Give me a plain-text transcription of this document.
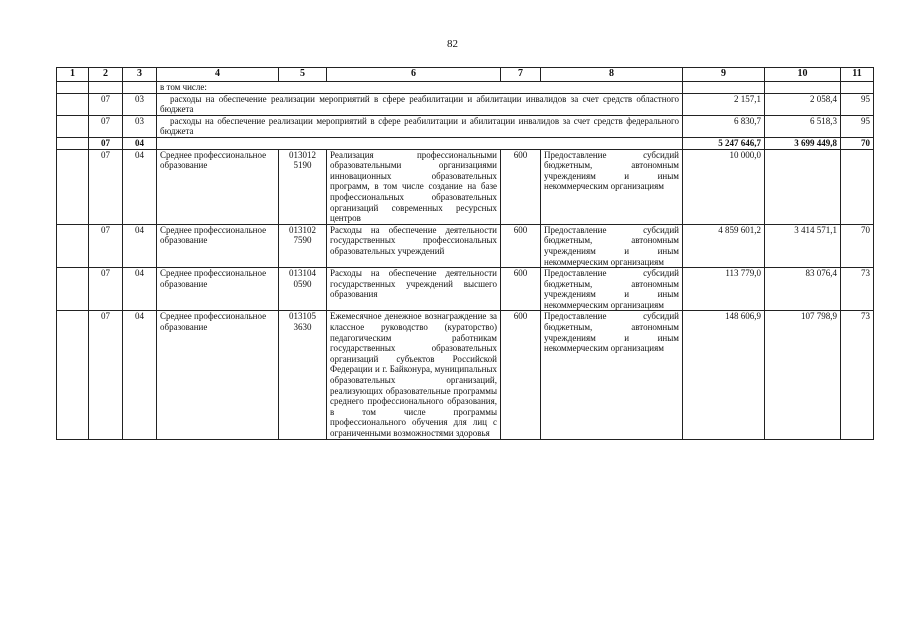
82
1	2	3	4	5	6	7	8	9	10	11
			в том числе:							
	07	03	расходы на обеспечение реализации мероприятий в сфере реабилитации и абилитации инвалидов за счет средств областного бюджета					2 157,1	2 058,4	95
	07	03	расходы на обеспечение реализации мероприятий в сфере реабилитации и абилитации инвалидов за счет средств федерального бюджета					6 830,7	6 518,3	95
	07	04						5 247 646,7	3 699 449,8	70
	07	04	Среднее профессиональное образование	013012 5190	Реализация профессиональными образовательными организациями инновационных образовательных программ, в том числе создание на базе профессиональных образовательных организаций современных ресурсных центров	600	Предоставление субсидий бюджетным, автономным учреждениям и иным некоммерческим организациям	10 000,0		
	07	04	Среднее профессиональное образование	013102 7590	Расходы на обеспечение деятельности государственных профессиональных образовательных учреждений	600	Предоставление субсидий бюджетным, автономным учреждениям и иным некоммерческим организациям	4 859 601,2	3 414 571,1	70
	07	04	Среднее профессиональное образование	013104 0590	Расходы на обеспечение деятельности государственных учреждений высшего образования	600	Предоставление субсидий бюджетным, автономным учреждениям и иным некоммерческим организациям	113 779,0	83 076,4	73
	07	04	Среднее профессиональное образование	013105 3630	Ежемесячное денежное вознаграждение за классное руководство (кураторство) педагогическим работникам государственных образовательных организаций субъектов Российской Федерации и г. Байконура, муниципальных образовательных организаций, реализующих образовательные программы среднего профессионального образования, в том числе программы профессионального обучения для лиц с ограниченными возможностями здоровья	600	Предоставление субсидий бюджетным, автономным учреждениям и иным некоммерческим организациям	148 606,9	107 798,9	73
